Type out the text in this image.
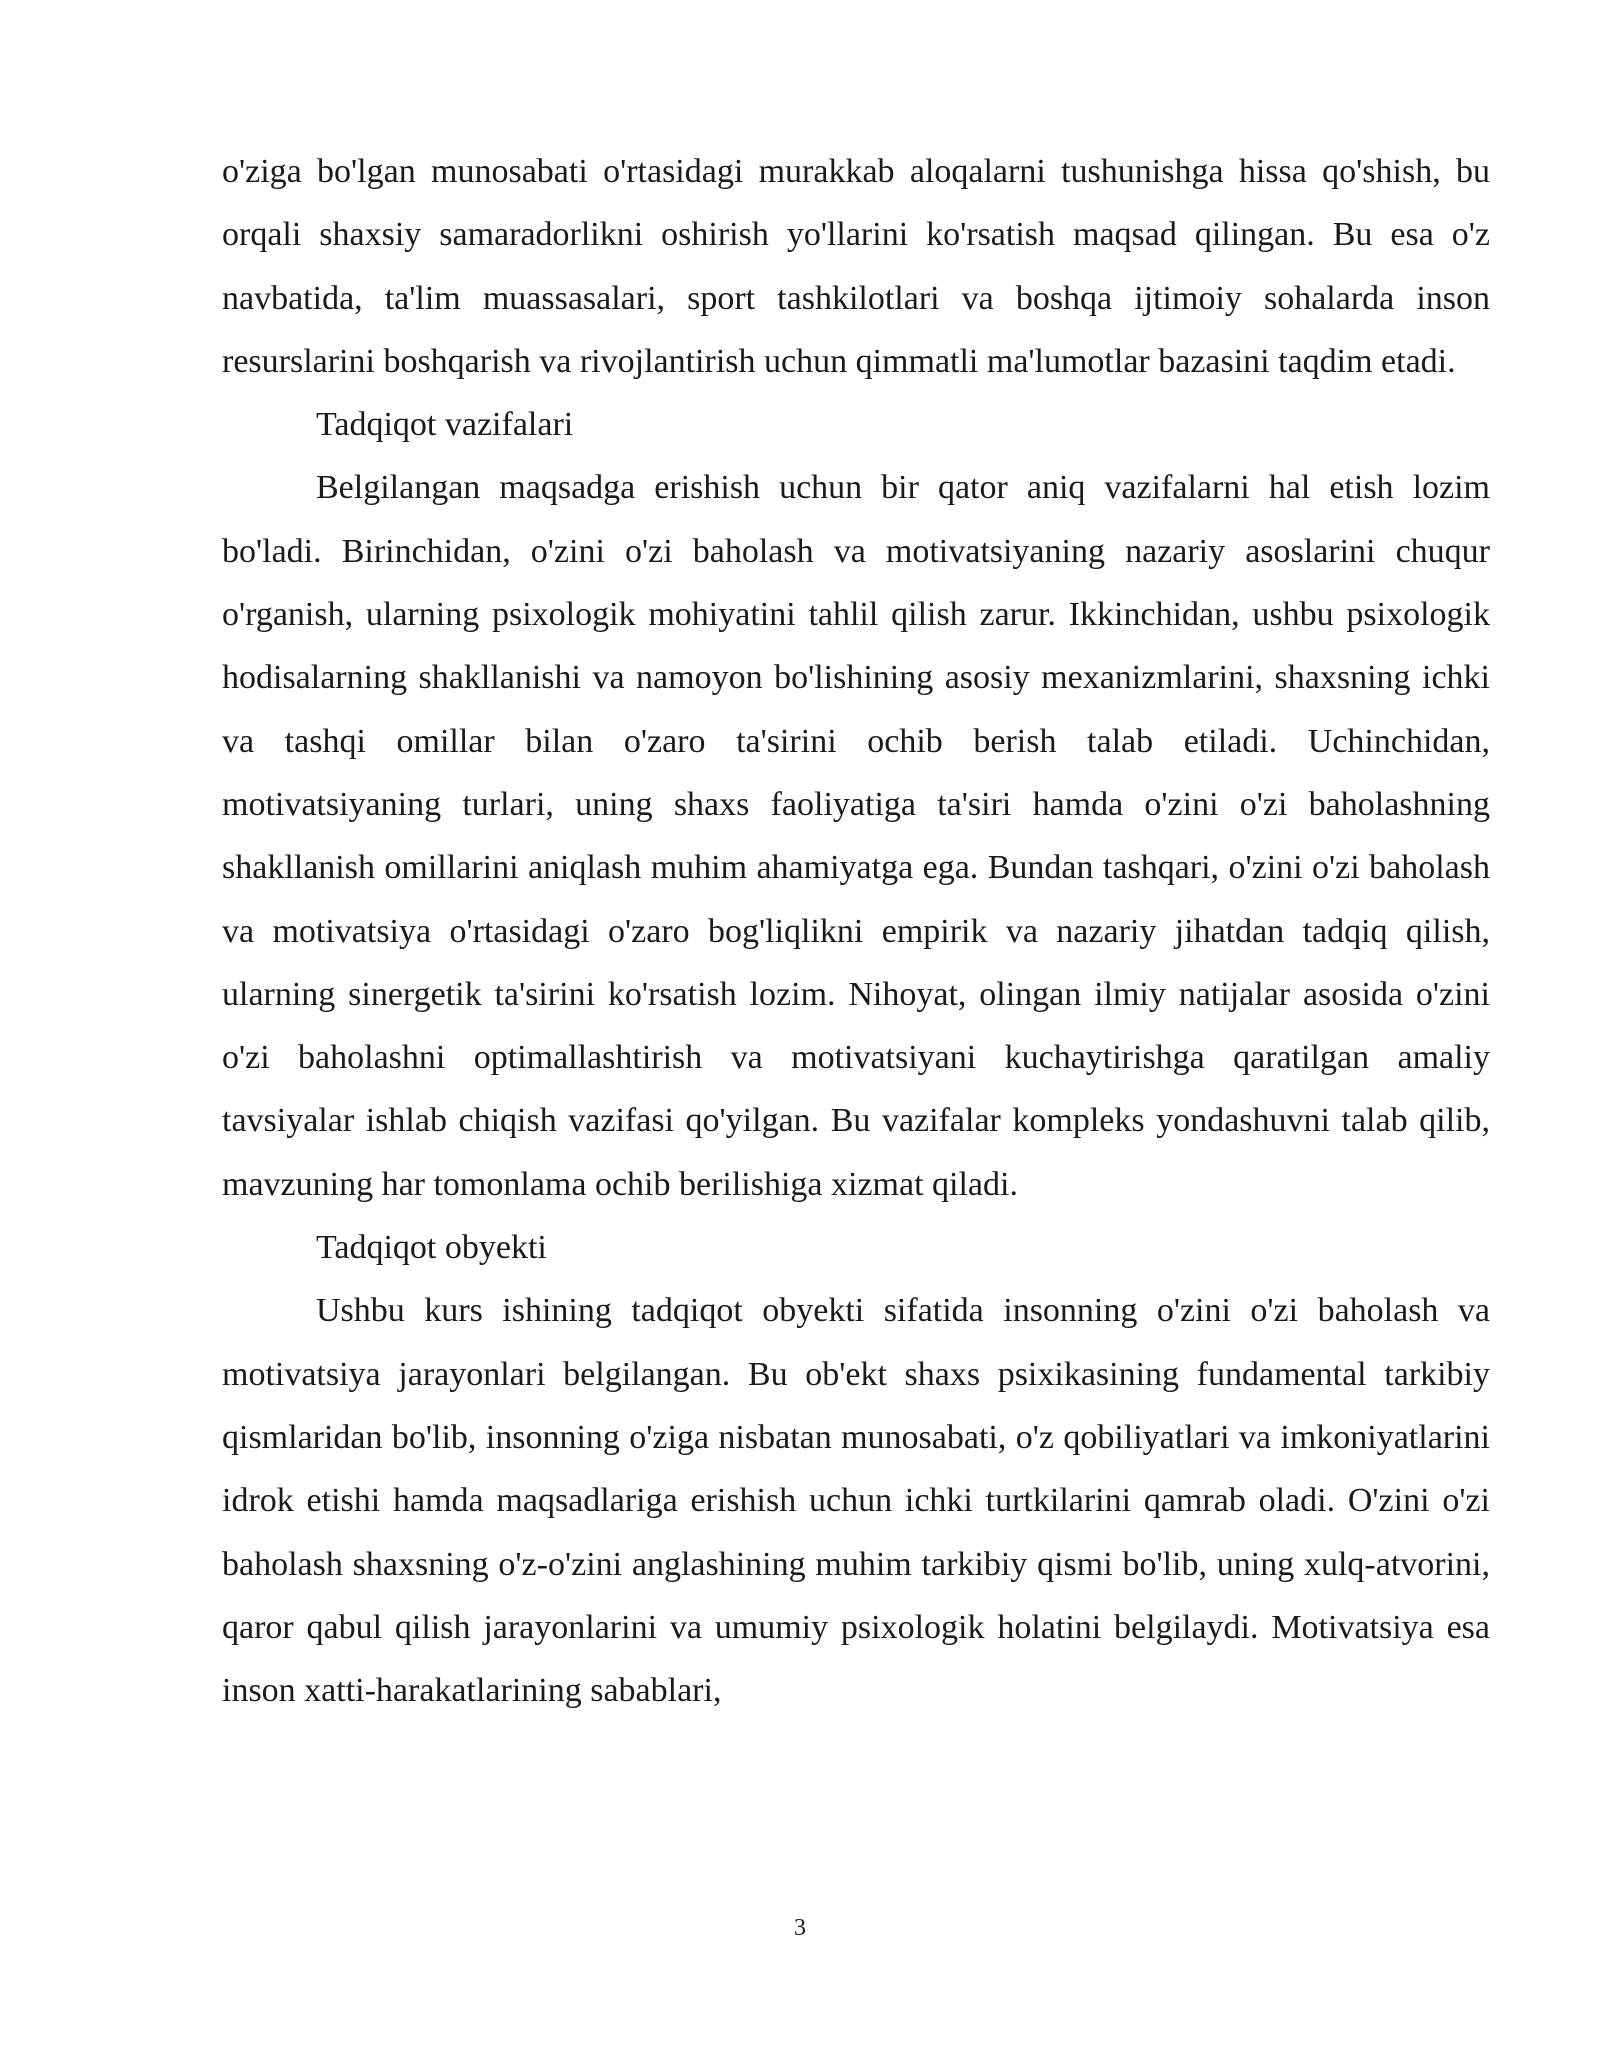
o'ziga bo'lgan munosabati o'rtasidagi murakkab aloqalarni tushunishga hissa qo'shish, bu orqali shaxsiy samaradorlikni oshirish yo'llarini ko'rsatish maqsad qilingan. Bu esa o'z navbatida, ta'lim muassasalari, sport tashkilotlari va boshqa ijtimoiy sohalarda inson resurslarini boshqarish va rivojlantirish uchun qimmatli ma'lumotlar bazasini taqdim etadi.

Tadqiqot vazifalari

Belgilangan maqsadga erishish uchun bir qator aniq vazifalarni hal etish lozim bo'ladi. Birinchidan, o'zini o'zi baholash va motivatsiyaning nazariy asoslarini chuqur o'rganish, ularning psixologik mohiyatini tahlil qilish zarur. Ikkinchidan, ushbu psixologik hodisalarning shakllanishi va namoyon bo'lishining asosiy mexanizmlarini, shaxsning ichki va tashqi omillar bilan o'zaro ta'sirini ochib berish talab etiladi. Uchinchidan, motivatsiyaning turlari, uning shaxs faoliyatiga ta'siri hamda o'zini o'zi baholashning shakllanish omillarini aniqlash muhim ahamiyatga ega. Bundan tashqari, o'zini o'zi baholash va motivatsiya o'rtasidagi o'zaro bog'liqlikni empirik va nazariy jihatdan tadqiq qilish, ularning sinergetik ta'sirini ko'rsatish lozim. Nihoyat, olingan ilmiy natijalar asosida o'zini o'zi baholashni optimallashtirish va motivatsiyani kuchaytirishga qaratilgan amaliy tavsiyalar ishlab chiqish vazifasi qo'yilgan. Bu vazifalar kompleks yondashuvni talab qilib, mavzuning har tomonlama ochib berilishiga xizmat qiladi.

Tadqiqot obyekti

Ushbu kurs ishining tadqiqot obyekti sifatida insonning o'zini o'zi baholash va motivatsiya jarayonlari belgilangan. Bu ob'ekt shaxs psixikasining fundamental tarkibiy qismlaridan bo'lib, insonning o'ziga nisbatan munosabati, o'z qobiliyatlari va imkoniyatlarini idrok etishi hamda maqsadlariga erishish uchun ichki turtkilarini qamrab oladi. O'zini o'zi baholash shaxsning o'z-o'zini anglashining muhim tarkibiy qismi bo'lib, uning xulq-atvorini, qaror qabul qilish jarayonlarini va umumiy psixologik holatini belgilaydi. Motivatsiya esa inson xatti-harakatlarining sabablari,

3
